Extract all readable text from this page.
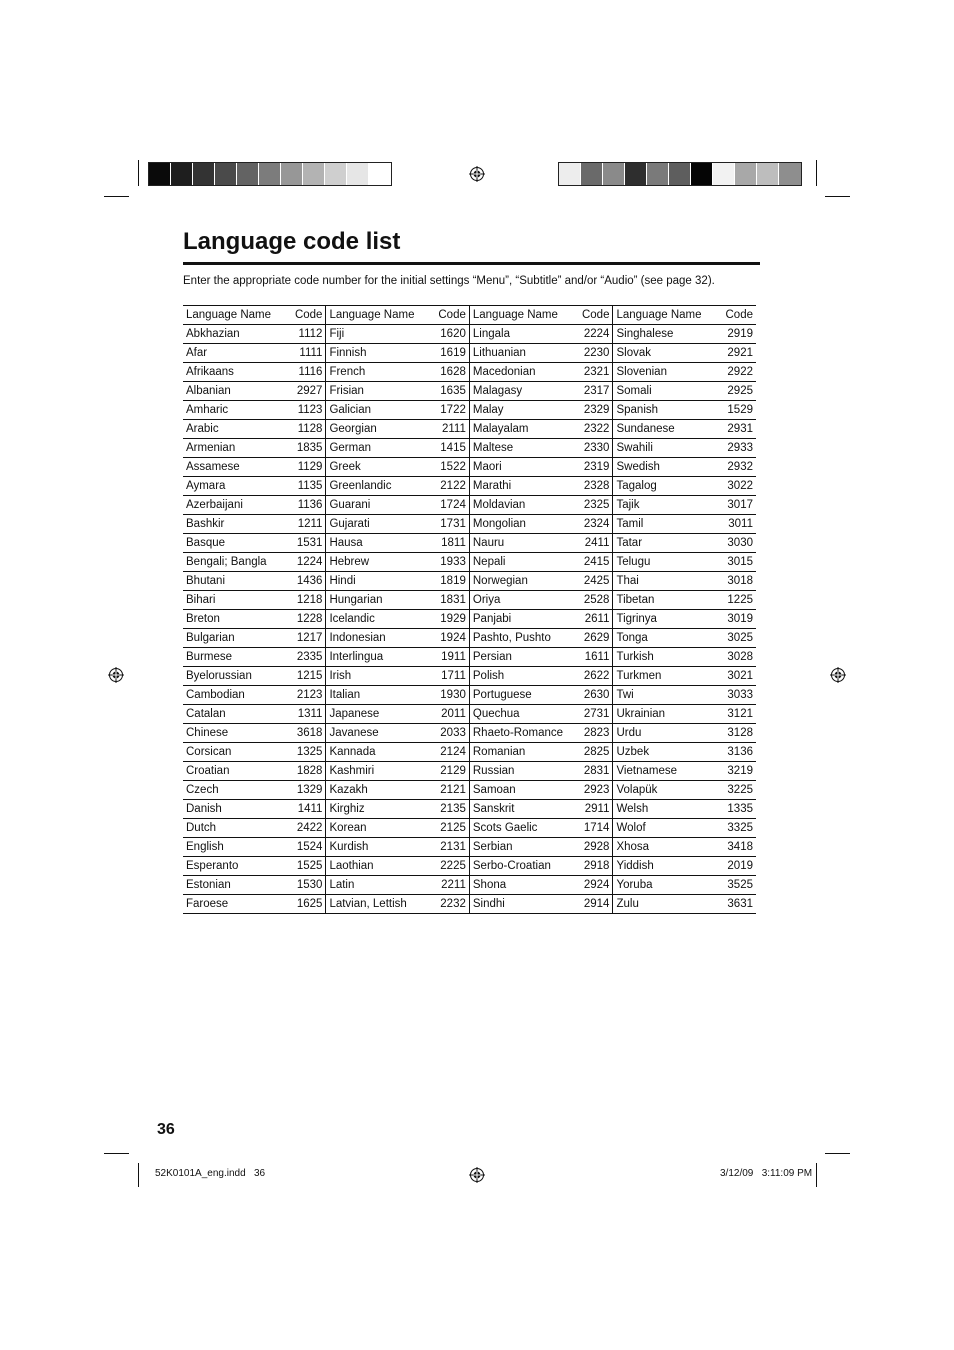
Language code list
Enter the appropriate code number for the initial settings “Menu”, “Subtitle” and/or “Audio” (see page 32).
Language Name	Code	Language Name	Code	Language Name	Code	Language Name	Code
Abkhazian	1112	Fiji	1620	Lingala	2224	Singhalese	2919
Afar	1111	Finnish	1619	Lithuanian	2230	Slovak	2921
Afrikaans	1116	French	1628	Macedonian	2321	Slovenian	2922
Albanian	2927	Frisian	1635	Malagasy	2317	Somali	2925
Amharic	1123	Galician	1722	Malay	2329	Spanish	1529
Arabic	1128	Georgian	2111	Malayalam	2322	Sundanese	2931
Armenian	1835	German	1415	Maltese	2330	Swahili	2933
Assamese	1129	Greek	1522	Maori	2319	Swedish	2932
Aymara	1135	Greenlandic	2122	Marathi	2328	Tagalog	3022
Azerbaijani	1136	Guarani	1724	Moldavian	2325	Tajik	3017
Bashkir	1211	Gujarati	1731	Mongolian	2324	Tamil	3011
Basque	1531	Hausa	1811	Nauru	2411	Tatar	3030
Bengali; Bangla	1224	Hebrew	1933	Nepali	2415	Telugu	3015
Bhutani	1436	Hindi	1819	Norwegian	2425	Thai	3018
Bihari	1218	Hungarian	1831	Oriya	2528	Tibetan	1225
Breton	1228	Icelandic	1929	Panjabi	2611	Tigrinya	3019
Bulgarian	1217	Indonesian	1924	Pashto, Pushto	2629	Tonga	3025
Burmese	2335	Interlingua	1911	Persian	1611	Turkish	3028
Byelorussian	1215	Irish	1711	Polish	2622	Turkmen	3021
Cambodian	2123	Italian	1930	Portuguese	2630	Twi	3033
Catalan	1311	Japanese	2011	Quechua	2731	Ukrainian	3121
Chinese	3618	Javanese	2033	Rhaeto-Romance	2823	Urdu	3128
Corsican	1325	Kannada	2124	Romanian	2825	Uzbek	3136
Croatian	1828	Kashmiri	2129	Russian	2831	Vietnamese	3219
Czech	1329	Kazakh	2121	Samoan	2923	Volapük	3225
Danish	1411	Kirghiz	2135	Sanskrit	2911	Welsh	1335
Dutch	2422	Korean	2125	Scots Gaelic	1714	Wolof	3325
English	1524	Kurdish	2131	Serbian	2928	Xhosa	3418
Esperanto	1525	Laothian	2225	Serbo-Croatian	2918	Yiddish	2019
Estonian	1530	Latin	2211	Shona	2924	Yoruba	3525
Faroese	1625	Latvian, Lettish	2232	Sindhi	2914	Zulu	3631
36
52K0101A_eng.indd   36	3/12/09   3:11:09 PM
